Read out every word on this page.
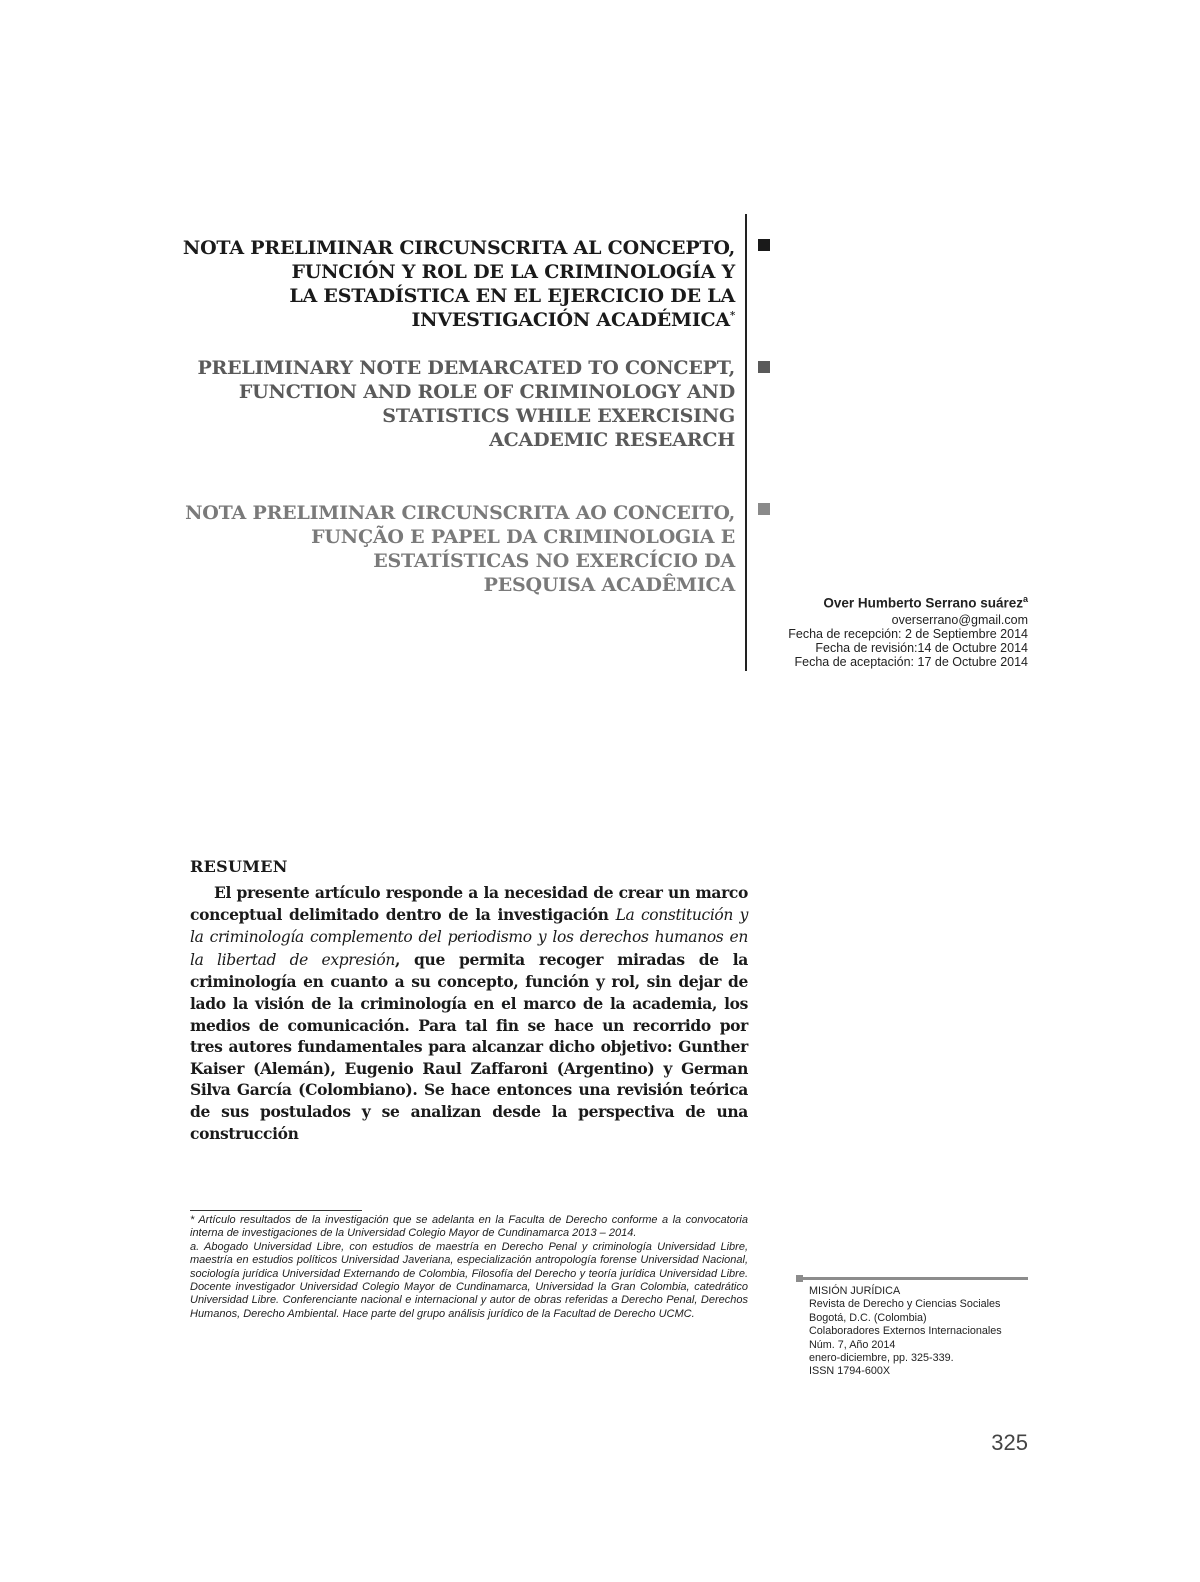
NOTA PRELIMINAR CIRCUNSCRITA AL CONCEPTO,
FUNCIÓN Y ROL DE LA CRIMINOLOGÍA Y
LA ESTADÍSTICA EN EL EJERCICIO DE LA
INVESTIGACIÓN ACADÉMICA*
PRELIMINARY NOTE DEMARCATED TO CONCEPT,
FUNCTION AND ROLE OF CRIMINOLOGY AND
STATISTICS WHILE EXERCISING
ACADEMIC RESEARCH
NOTA PRELIMINAR CIRCUNSCRITA AO CONCEITO,
FUNÇÃO E PAPEL DA CRIMINOLOGIA E
ESTATÍSTICAS NO EXERCÍCIO DA
PESQUISA ACADÊMICA
Over Humberto Serrano suárez$^a$
overserrano@gmail.com
Fecha de recepción: 2 de Septiembre 2014
Fecha de revisión:14 de Octubre 2014
Fecha de aceptación: 17 de Octubre 2014
RESUMEN
El presente artículo responde a la necesidad de crear un marco conceptual delimitado dentro de la investigación La constitución y la criminología complemento del periodismo y los derechos humanos en la libertad de expresión, que permita recoger miradas de la criminología en cuanto a su concepto, función y rol, sin dejar de lado la visión de la criminología en el marco de la academia, los medios de comunicación. Para tal fin se hace un recorrido por tres autores fundamentales para alcanzar dicho objetivo: Gunther Kaiser (Alemán), Eugenio Raul Zaffaroni (Argentino) y German Silva García (Colombiano). Se hace entonces una revisión teórica de sus postulados y se analizan desde la perspectiva de una construcción

* Artículo resultados de la investigación que se adelanta en la Faculta de Derecho conforme a la convocatoria interna de investigaciones de la Universidad Colegio Mayor de Cundinamarca 2013 – 2014.

a. Abogado Universidad Libre, con estudios de maestría en Derecho Penal y criminología Universidad Libre, maestría en estudios políticos Universidad Javeriana, especialización antropología forense Universidad Nacional, sociología jurídica Universidad Externando de Colombia, Filosofía del Derecho y teoría jurídica Universidad Libre. Docente investigador Universidad Colegio Mayor de Cundinamarca, Universidad la Gran Colombia, catedrático Universidad Libre. Conferenciante nacional e internacional y autor de obras referidas a Derecho Penal, Derechos Humanos, Derecho Ambiental. Hace parte del grupo análisis jurídico de la Facultad de Derecho UCMC.

MISIÓN JURÍDICA
Revista de Derecho y Ciencias Sociales
Bogotá, D.C. (Colombia)
Colaboradores Externos Internacionales
Núm. 7, Año 2014
enero-diciembre, pp. 325-339.
ISSN 1794-600X
325
